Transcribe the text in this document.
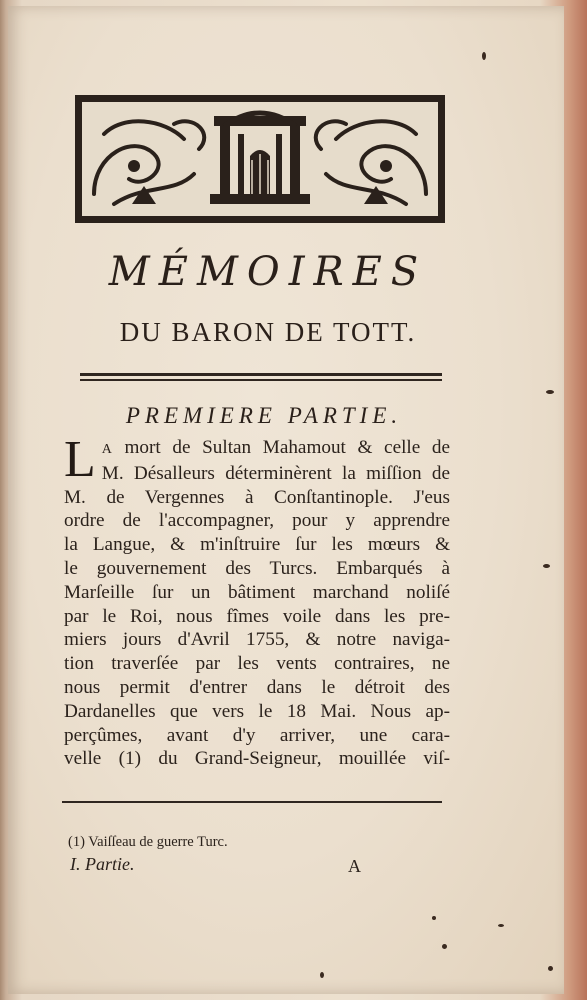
MÉMOIRES
DU BARON DE TOTT.
PREMIERE PARTIE.
L A mort de Sultan Mahamout & celle de
M. Désalleurs déterminèrent la miſſion de
M. de Vergennes à Conſtantinople. J'eus
ordre de l'accompagner, pour y apprendre
la Langue, & m'inſtruire ſur les mœurs &
le gouvernement des Turcs. Embarqués à
Marſeille ſur un bâtiment marchand noliſé
par le Roi, nous fîmes voile dans les pre-
miers jours d'Avril 1755, & notre naviga-
tion traverſée par les vents contraires, ne
nous permit d'entrer dans le détroit des
Dardanelles que vers le 18 Mai. Nous ap-
perçûmes, avant d'y arriver, une cara-
velle (1) du Grand-Seigneur, mouillée viſ-
(1) Vaiſſeau de guerre Turc.
I. Partie.	A
